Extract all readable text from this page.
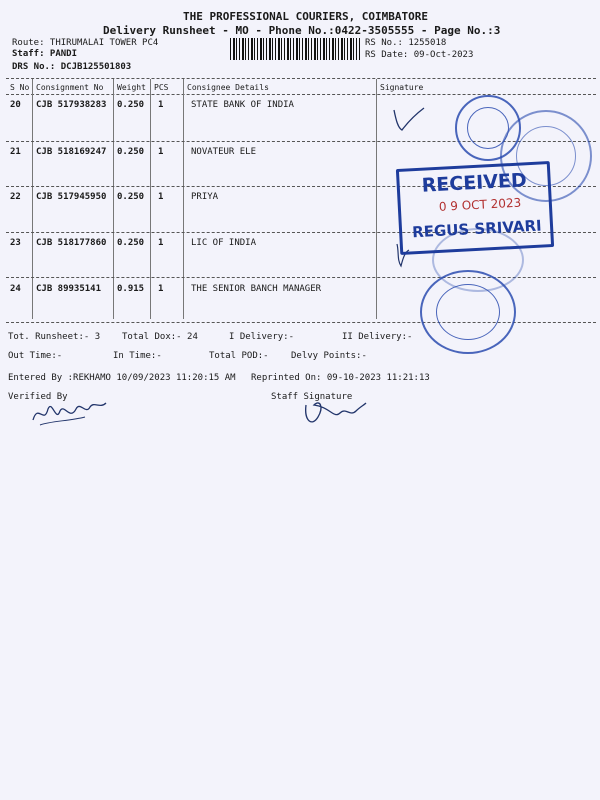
THE PROFESSIONAL COURIERS, COIMBATORE
Delivery Runsheet - MO - Phone No.:0422-3505555 - Page No.:3
Route: THIRUMALAI TOWER PC4
Staff: PANDI
DRS No.: DCJB125501803
RS No.: 1255018
RS Date: 09-Oct-2023
S No Consignment No Weight PCS Consignee Details	Signature
20 CJB 517938283 0.250 1	STATE BANK OF INDIA
21 CJB 518169247 0.250 1	NOVATEUR ELE
22 CJB 517945950 0.250 1	PRIYA
23 CJB 518177860 0.250 1	LIC OF INDIA
24 CJB 89935141 0.915 1	THE SENIOR BANCH MANAGER
Tot. Runsheet:- 3 Total Dox:- 24	I Delivery:-	II Delivery:-
Out Time:-	In Time:-	Total POD:- Delvy Points:-
Entered By :REKHAMO 10/09/2023 11:20:15 AM Reprinted On: 09-10-2023 11:21:13
Verified By	Staff Signature
RECEIVED
0 9 OCT 2023
REGUS SRIVARI
